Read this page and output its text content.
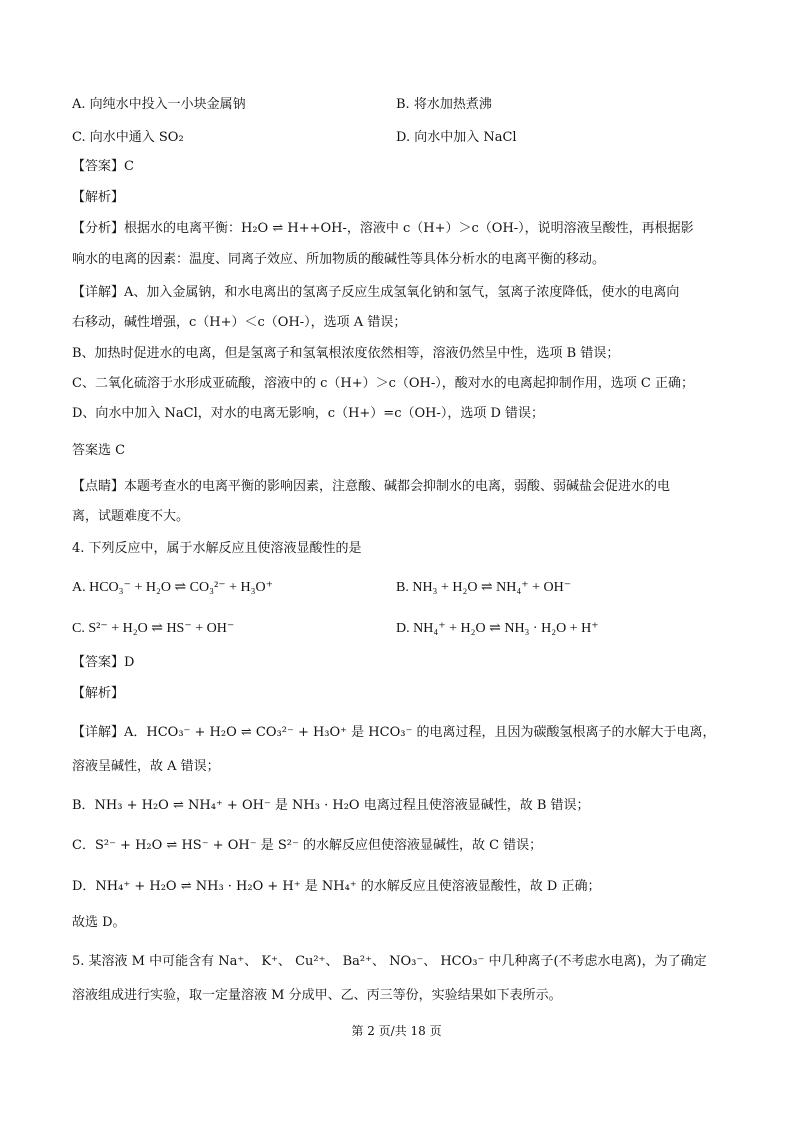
A. 向纯水中投入一小块金属钠	B. 将水加热煮沸
C. 向水中通入 SO₂	D. 向水中加入 NaCl
【答案】C
【解析】
【分析】根据水的电离平衡：H₂O ⇌ H++OH-，溶液中 c（H+）＞c（OH-），说明溶液呈酸性，再根据影
响水的电离的因素：温度、同离子效应、所加物质的酸碱性等具体分析水的电离平衡的移动。
【详解】A、加入金属钠，和水电离出的氢离子反应生成氢氧化钠和氢气，氢离子浓度降低，使水的电离向
右移动，碱性增强，c（H+）＜c（OH-），选项 A 错误；
B、加热时促进水的电离，但是氢离子和氢氧根浓度依然相等，溶液仍然呈中性，选项 B 错误；
C、二氧化硫溶于水形成亚硫酸，溶液中的 c（H+）＞c（OH-），酸对水的电离起抑制作用，选项 C 正确；
D、向水中加入 NaCl，对水的电离无影响，c（H+）=c（OH-），选项 D 错误；
答案选 C
【点睛】本题考查水的电离平衡的影响因素，注意酸、碱都会抑制水的电离，弱酸、弱碱盐会促进水的电
离，试题难度不大。
4. 下列反应中，属于水解反应且使溶液显酸性的是
A. HCO₃⁻ + H₂O ⇌ CO₃²⁻ + H₃O⁺	B. NH₃ + H₂O ⇌ NH₄⁺ + OH⁻
C. S²⁻ + H₂O ⇌ HS⁻ + OH⁻	D. NH₄⁺ + H₂O ⇌ NH₃ · H₂O + H⁺
【答案】D
【解析】
【详解】A．HCO₃⁻ + H₂O ⇌ CO₃²⁻ + H₃O⁺ 是 HCO₃⁻ 的电离过程，且因为碳酸氢根离子的水解大于电离，
溶液呈碱性，故 A 错误；
B．NH₃ + H₂O ⇌ NH₄⁺ + OH⁻ 是 NH₃ · H₂O 电离过程且使溶液显碱性，故 B 错误；
C．S²⁻ + H₂O ⇌ HS⁻ + OH⁻ 是 S²⁻ 的水解反应但使溶液显碱性，故 C 错误；
D．NH₄⁺ + H₂O ⇌ NH₃ · H₂O + H⁺ 是 NH₄⁺ 的水解反应且使溶液显酸性，故 D 正确；
故选 D。
5. 某溶液 M 中可能含有 Na⁺、 K⁺、 Cu²⁺、 Ba²⁺、 NO₃⁻、 HCO₃⁻ 中几种离子(不考虑水电离)，为了确定
溶液组成进行实验，取一定量溶液 M 分成甲、乙、丙三等份，实验结果如下表所示。
第 2 页/共 18 页
